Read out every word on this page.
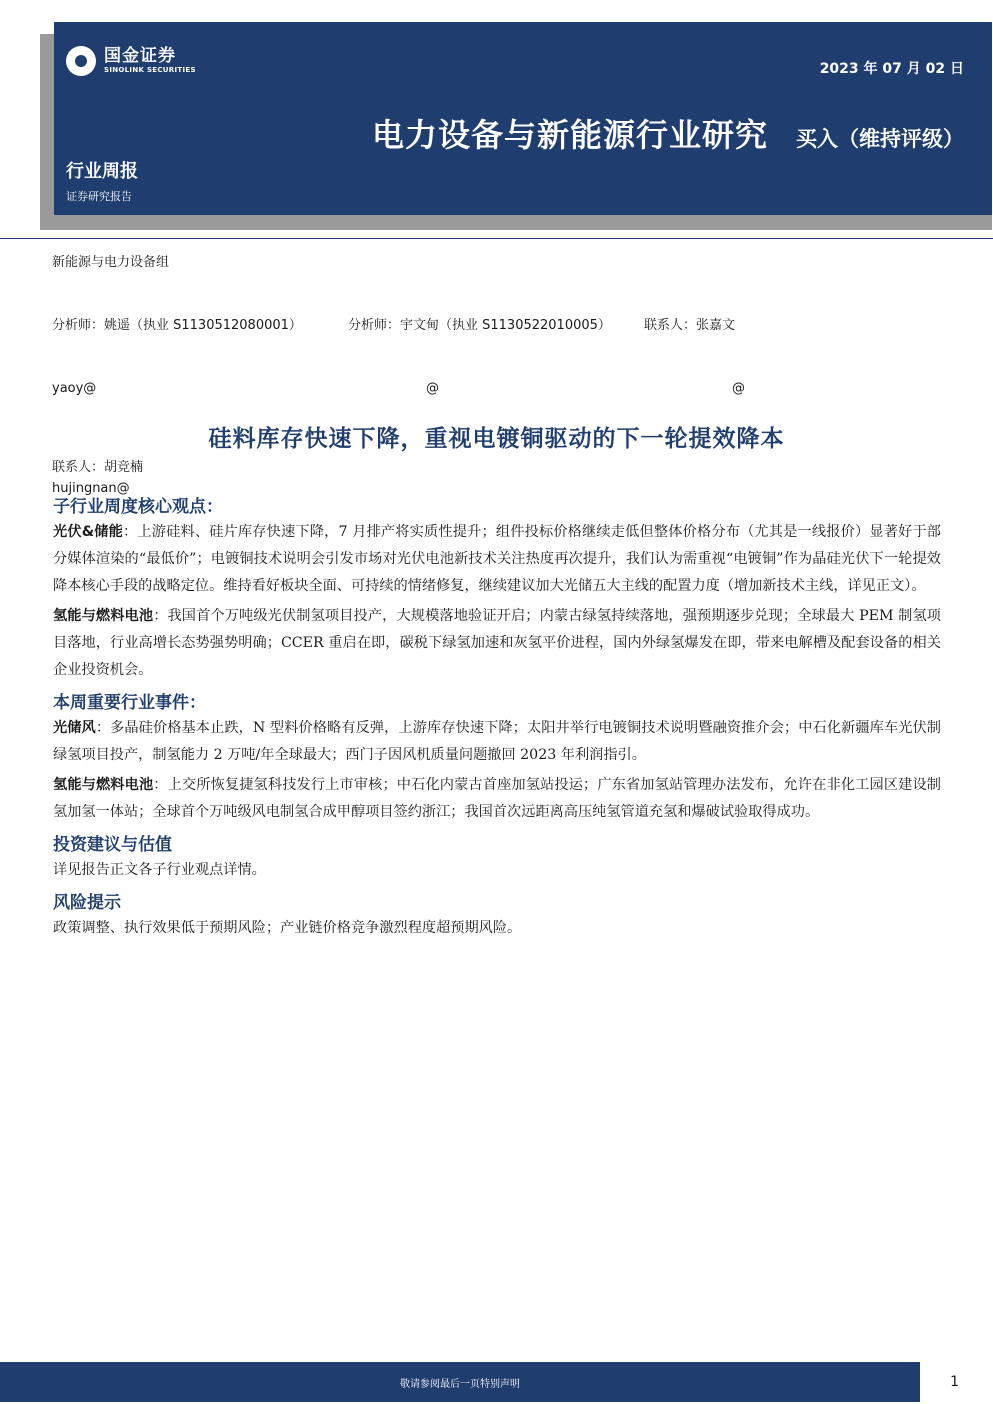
国金证券
SINOLINK SECURITIES	2023 年 07 月 02 日
电力设备与新能源行业研究 买入（维持评级）
行业周报
证券研究报告
新能源与电力设备组

分析师：姚遥（执业 S1130512080001）

yaoy@

分析师：宇文甸（执业 S1130522010005）

@

联系人：张嘉文

@

联系人：胡竞楠
hujingnan@
硅料库存快速下降，重视电镀铜驱动的下一轮提效降本
子行业周度核心观点：

光伏&储能：上游硅料、硅片库存快速下降，7 月排产将实质性提升；组件投标价格继续走低但整体价格分布（尤其是一线报价）显著好于部分媒体渲染的“最低价”；电镀铜技术说明会引发市场对光伏电池新技术关注热度再次提升，我们认为需重视“电镀铜”作为晶硅光伏下一轮提效降本核心手段的战略定位。维持看好板块全面、可持续的情绪修复，继续建议加大光储五大主线的配置力度（增加新技术主线，详见正文）。

氢能与燃料电池：我国首个万吨级光伏制氢项目投产，大规模落地验证开启；内蒙古绿氢持续落地，强预期逐步兑现；全球最大 PEM 制氢项目落地，行业高增长态势强势明确；CCER 重启在即，碳税下绿氢加速和灰氢平价进程，国内外绿氢爆发在即，带来电解槽及配套设备的相关企业投资机会。

本周重要行业事件：

光储风：多晶硅价格基本止跌，N 型料价格略有反弹，上游库存快速下降；太阳井举行电镀铜技术说明暨融资推介会；中石化新疆库车光伏制绿氢项目投产，制氢能力 2 万吨/年全球最大；西门子因风机质量问题撤回 2023 年利润指引。

氢能与燃料电池：上交所恢复捷氢科技发行上市审核；中石化内蒙古首座加氢站投运；广东省加氢站管理办法发布，允许在非化工园区建设制氢加氢一体站；全球首个万吨级风电制氢合成甲醇项目签约浙江；我国首次远距离高压纯氢管道充氢和爆破试验取得成功。

投资建议与估值

详见报告正文各子行业观点详情。

风险提示

政策调整、执行效果低于预期风险；产业链价格竞争激烈程度超预期风险。

敬请参阅最后一页特别声明	1
